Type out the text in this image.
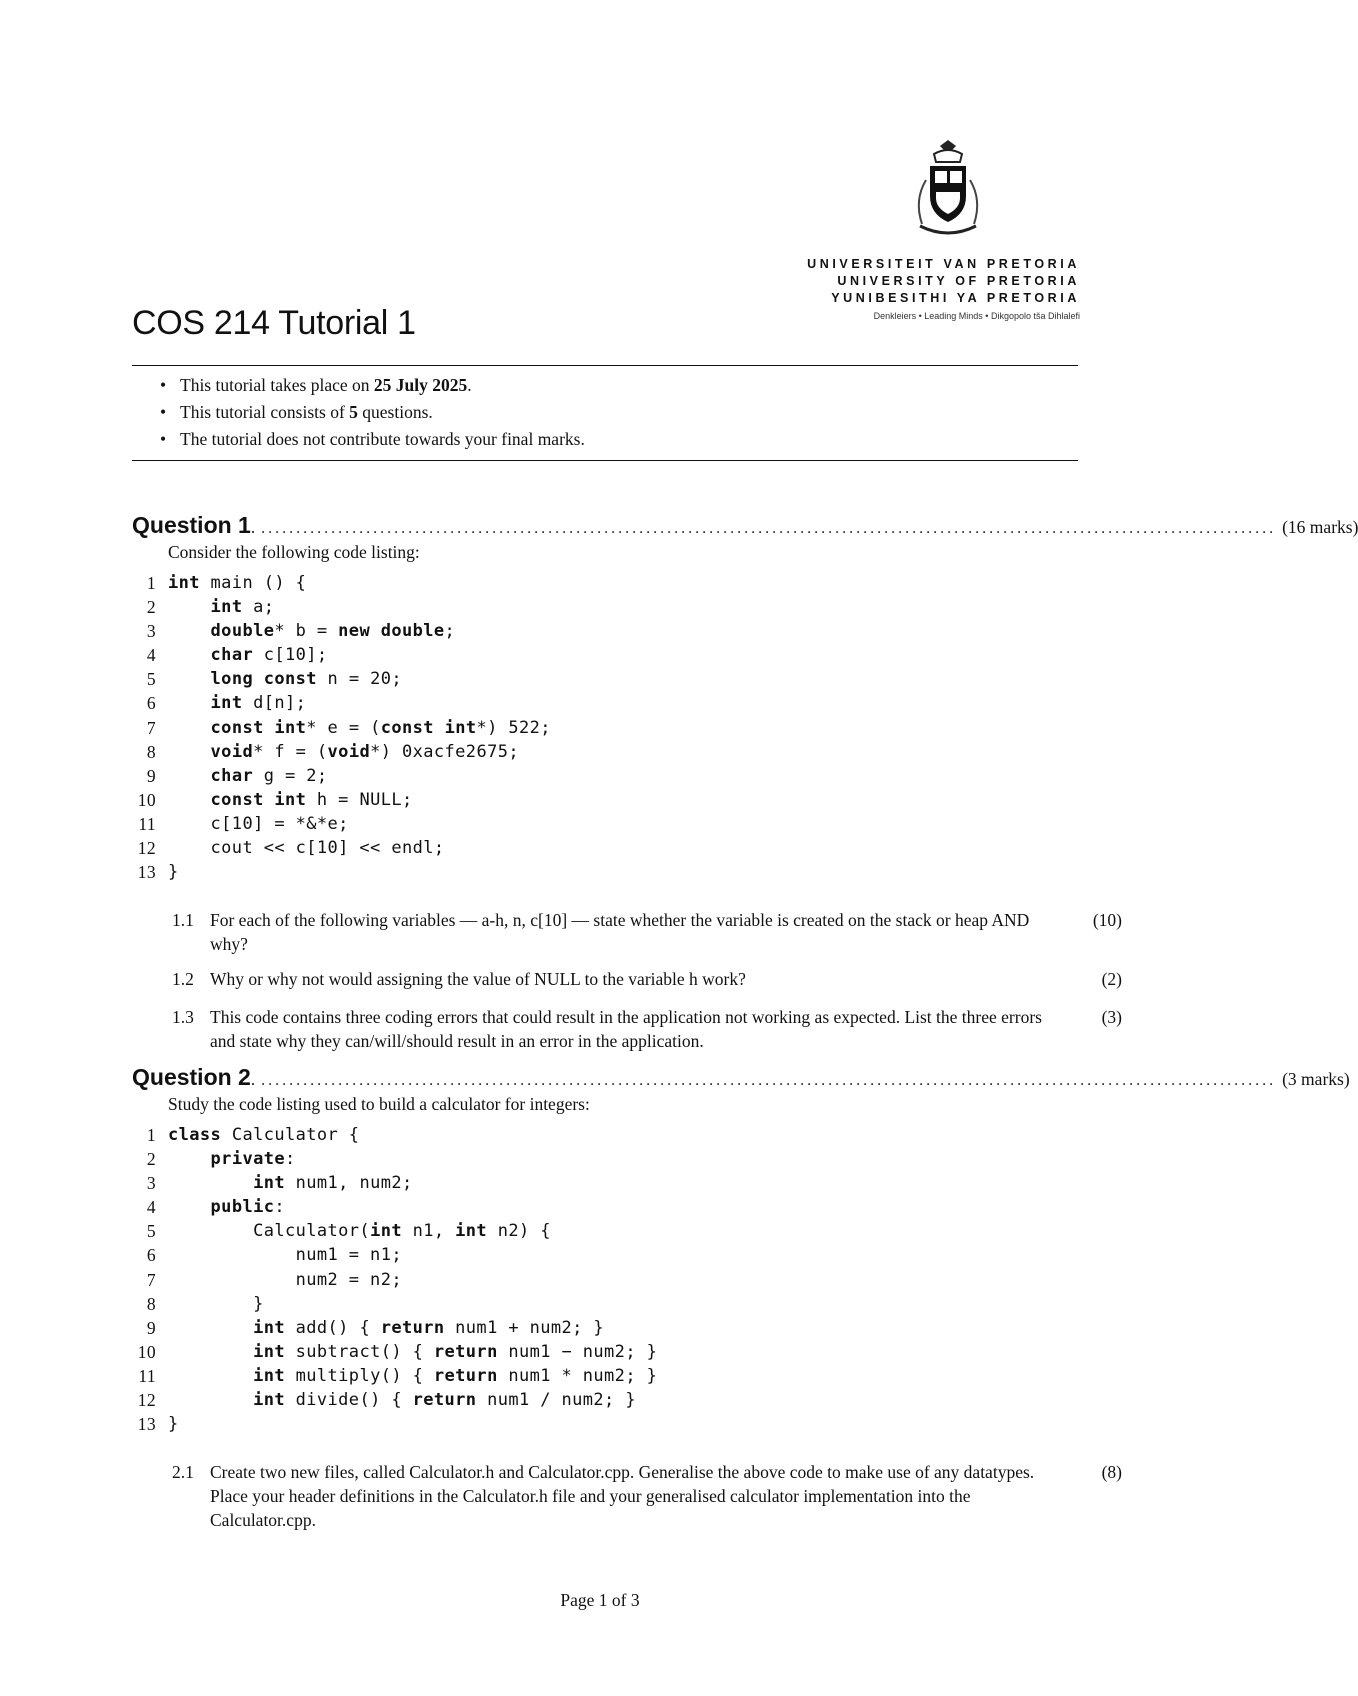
UNIVERSITEIT VAN PRETORIA
UNIVERSITY OF PRETORIA
YUNIBESITHI YA PRETORIA
Denkleiers • Leading Minds • Dikgopolo tša Dihlalefi
COS 214 Tutorial 1
• This tutorial takes place on 25 July 2025.
• This tutorial consists of 5 questions.
• The tutorial does not contribute towards your final marks.
Question 1. ................................................................................................................................................. (16 marks)
Consider the following code listing:
1 int main () {
2	int a;
3	double* b = new double;
4	char c[10];
5	long const n = 20;
6	int d[n];
7	const int* e = (const int*) 522;
8	void* f = (void*) 0xacfe2675;
9	char g = 2;
10	const int h = NULL;
11 c[10] = *&*e;
12 cout << c[10] << endl;
13 }
1.1 For each of the following variables — a-h, n, c[10] — state whether the variable is created on the stack or heap AND why?
(10)
1.2 Why or why not would assigning the value of NULL to the variable h work?	(2)
1.3 This code contains three coding errors that could result in the application not working as expected. List the three errors and state why they can/will/should result in an error in the application.
(3)
Question 2. ................................................................................................................................................. (3 marks)
Study the code listing used to build a calculator for integers:
1 class Calculator {
2	private:
3	int num1, num2;
4	public:
5 Calculator(int n1, int n2) {
6 num1 = n1;
7 num2 = n2;
8 }
9	int add() { return num1 + num2; }
10	int subtract() { return num1 − num2; }
11	int multiply() { return num1 * num2; }
12	int divide() { return num1 / num2; }
13 }
2.1 Create two new files, called Calculator.h and Calculator.cpp. Generalise the above code to make use of any datatypes. Place your header definitions in the Calculator.h file and your generalised calculator implementation into the Calculator.cpp.
(8)
Page 1 of 3
